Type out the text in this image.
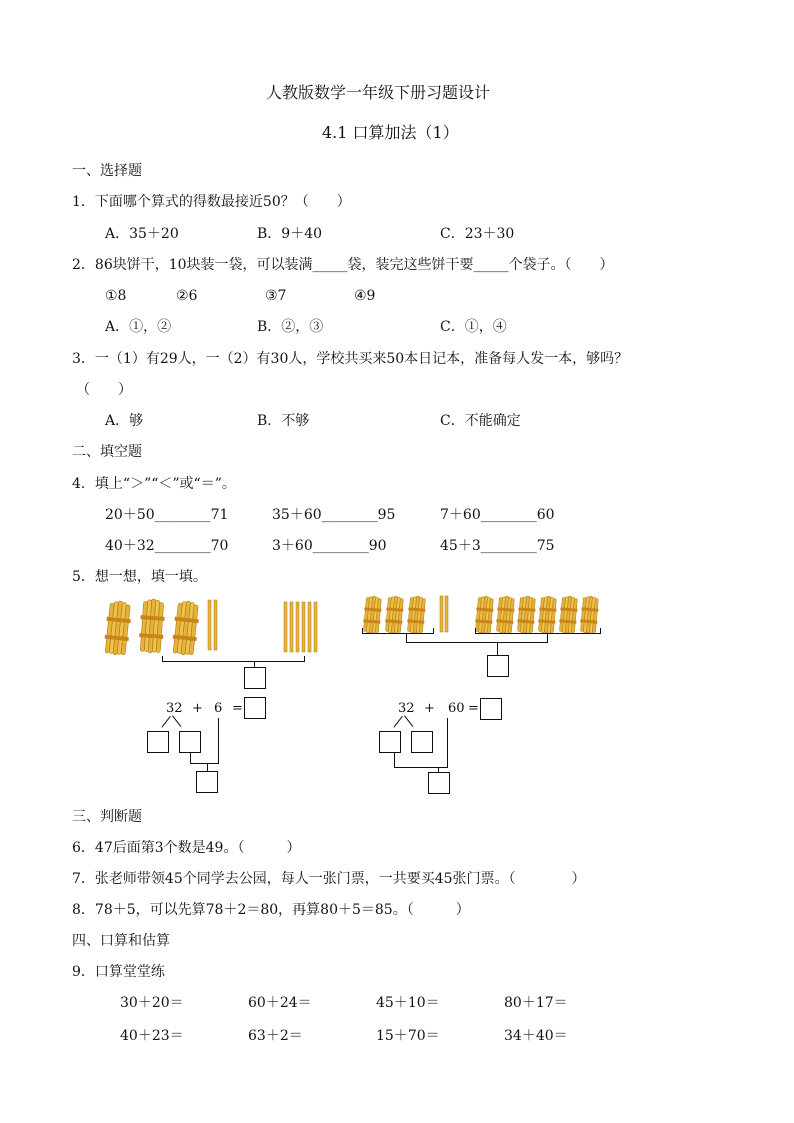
人教版数学一年级下册习题设计
4.1 口算加法（1）
一、选择题
1．下面哪个算式的得数最接近50？（　　）
A．35＋20	B．9＋40	C．23＋30
2．86块饼干，10块装一袋，可以装满_____袋，装完这些饼干要_____个袋子。（　　）
①8	②6	③7	④9
A．①，②	B．②，③	C．①，④
3．一（1）有29人，一（2）有30人，学校共买来50本日记本，准备每人发一本，够吗？
（　　）
A．够	B．不够	C．不能确定
二、填空题
4．填上“＞”“＜”或“＝”。
20＋50________71	35＋60________95	7＋60________60
40＋32________70	3＋60________90	45＋3________75
5．想一想，填一填。
32 + 6 =	32 + 60 =
三、判断题
6．47后面第3个数是49。（　　　）
7．张老师带领45个同学去公园，每人一张门票，一共要买45张门票。（　　　　）
8．78＋5，可以先算78＋2＝80，再算80＋5＝85。（　　　）
四、口算和估算
9．口算堂堂练
30＋20＝	60＋24＝	45＋10＝	80＋17＝
40＋23＝	63＋2＝	15＋70＝	34＋40＝
